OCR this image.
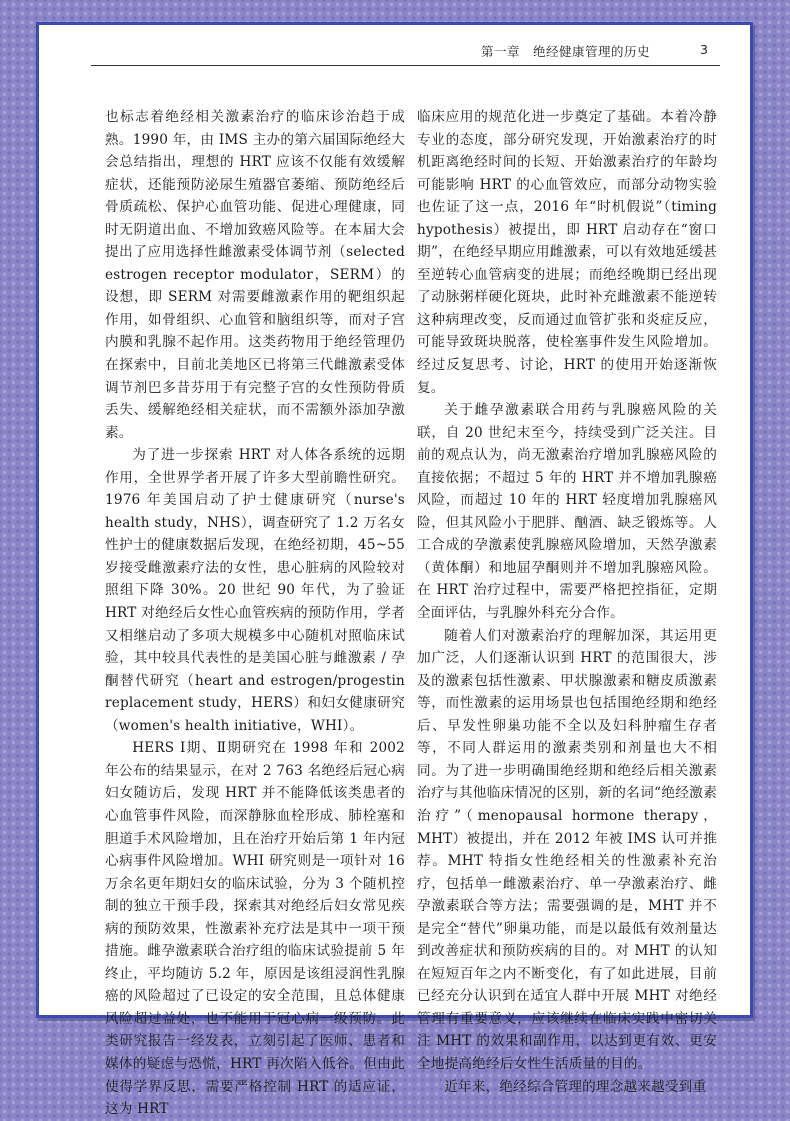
第一章　绝经健康管理的历史	3

也标志着绝经相关激素治疗的临床诊治趋于成熟。1990 年，由 IMS 主办的第六届国际绝经大会总结指出，理想的 HRT 应该不仅能有效缓解症状，还能预防泌尿生殖器官萎缩、预防绝经后骨质疏松、保护心血管功能、促进心理健康，同时无阴道出血、不增加致癌风险等。在本届大会提出了应用选择性雌激素受体调节剂（selected estrogen receptor modulator，SERM）的设想，即 SERM 对需要雌激素作用的靶组织起作用，如骨组织、心血管和脑组织等，而对子宫内膜和乳腺不起作用。这类药物用于绝经管理仍在探索中，目前北美地区已将第三代雌激素受体调节剂巴多昔芬用于有完整子宫的女性预防骨质丢失、缓解绝经相关症状，而不需额外添加孕激素。

为了进一步探索 HRT 对人体各系统的远期作用，全世界学者开展了许多大型前瞻性研究。1976 年美国启动了护士健康研究（nurse's health study，NHS），调查研究了 1.2 万名女性护士的健康数据后发现，在绝经初期，45~55 岁接受雌激素疗法的女性，患心脏病的风险较对照组下降 30%。20 世纪 90 年代，为了验证 HRT 对绝经后女性心血管疾病的预防作用，学者又相继启动了多项大规模多中心随机对照临床试验，其中较具代表性的是美国心脏与雌激素 / 孕酮替代研究（heart and estrogen/progestin replacement study，HERS）和妇女健康研究（women's health initiative，WHI）。

HERS Ⅰ期、Ⅱ期研究在 1998 年和 2002 年公布的结果显示，在对 2 763 名绝经后冠心病妇女随访后，发现 HRT 并不能降低该类患者的心血管事件风险，而深静脉血栓形成、肺栓塞和胆道手术风险增加，且在治疗开始后第 1 年内冠心病事件风险增加。WHI 研究则是一项针对 16 万余名更年期妇女的临床试验，分为 3 个随机控制的独立干预手段，探索其对绝经后妇女常见疾病的预防效果，性激素补充疗法是其中一项干预措施。雌孕激素联合治疗组的临床试验提前 5 年终止，平均随访 5.2 年，原因是该组浸润性乳腺癌的风险超过了已设定的安全范围，且总体健康风险超过益处，也不能用于冠心病一级预防。此类研究报告一经发表，立刻引起了医师、患者和媒体的疑虑与恐慌，HRT 再次陷入低谷。但由此使得学界反思，需要严格控制 HRT 的适应证，这为 HRT

临床应用的规范化进一步奠定了基础。本着冷静专业的态度，部分研究发现，开始激素治疗的时机距离绝经时间的长短、开始激素治疗的年龄均可能影响 HRT 的心血管效应，而部分动物实验也佐证了这一点，2016 年“时机假说”（timing hypothesis）被提出，即 HRT 启动存在“窗口期”，在绝经早期应用雌激素，可以有效地延缓甚至逆转心血管病变的进展；而绝经晚期已经出现了动脉粥样硬化斑块，此时补充雌激素不能逆转这种病理改变，反而通过血管扩张和炎症反应，可能导致斑块脱落，使栓塞事件发生风险增加。经过反复思考、讨论，HRT 的使用开始逐渐恢复。

关于雌孕激素联合用药与乳腺癌风险的关联，自 20 世纪末至今，持续受到广泛关注。目前的观点认为，尚无激素治疗增加乳腺癌风险的直接依据；不超过 5 年的 HRT 并不增加乳腺癌风险，而超过 10 年的 HRT 轻度增加乳腺癌风险，但其风险小于肥胖、酗酒、缺乏锻炼等。人工合成的孕激素使乳腺癌风险增加，天然孕激素（黄体酮）和地屈孕酮则并不增加乳腺癌风险。在 HRT 治疗过程中，需要严格把控指征，定期全面评估，与乳腺外科充分合作。

随着人们对激素治疗的理解加深，其运用更加广泛，人们逐渐认识到 HRT 的范围很大，涉及的激素包括性激素、甲状腺激素和糖皮质激素等，而性激素的运用场景也包括围绝经期和绝经后、早发性卵巢功能不全以及妇科肿瘤生存者等，不同人群运用的激素类别和剂量也大不相同。为了进一步明确围绝经期和绝经后相关激素治疗与其他临床情况的区别，新的名词“绝经激素治疗”（menopausal hormone therapy，MHT）被提出，并在 2012 年被 IMS 认可并推荐。MHT 特指女性绝经相关的性激素补充治疗，包括单一雌激素治疗、单一孕激素治疗、雌孕激素联合等方法；需要强调的是，MHT 并不是完全“替代”卵巢功能，而是以最低有效剂量达到改善症状和预防疾病的目的。对 MHT 的认知在短短百年之内不断变化，有了如此进展，目前已经充分认识到在适宜人群中开展 MHT 对绝经管理有重要意义，应该继续在临床实践中密切关注 MHT 的效果和副作用，以达到更有效、更安全地提高绝经后女性生活质量的目的。

近年来，绝经综合管理的理念越来越受到重
